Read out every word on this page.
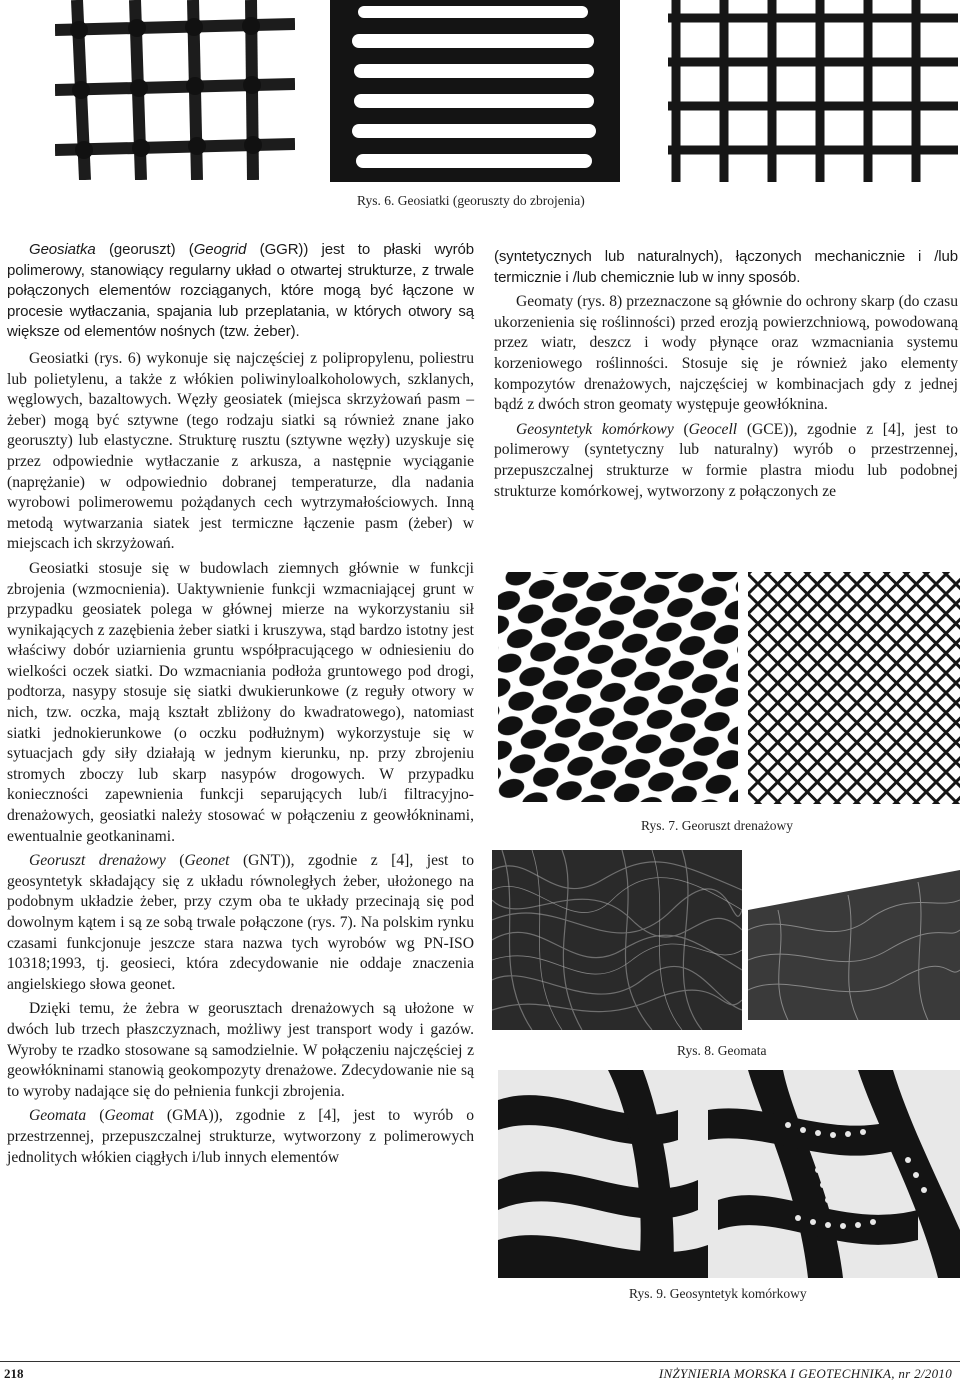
Rys. 6. Geosiatki (georuszty do zbrojenia)

Geosiatka (georuszt) (Geogrid (GGR)) jest to płaski wyrób polimerowy, stanowiący regularny układ o otwartej strukturze, z trwale połączonych elementów rozciąganych, które mogą być łączone w procesie wytłaczania, spajania lub przeplatania, w których otwory są większe od elementów nośnych (tzw. żeber).

Geosiatki (rys. 6) wykonuje się najczęściej z polipropylenu, poliestru lub polietylenu, a także z włókien poliwinyloalkoholowych, szklanych, węglowych, bazaltowych. Węzły geosiatek (miejsca skrzyżowań pasm – żeber) mogą być sztywne (tego rodzaju siatki są również znane jako georuszty) lub elastyczne. Strukturę rusztu (sztywne węzły) uzyskuje się przez odpowiednie wytłaczanie z arkusza, a następnie wyciąganie (naprężanie) w odpowiednio dobranej temperaturze, dla nadania wyrobowi polimerowemu pożądanych cech wytrzymałościowych. Inną metodą wytwarzania siatek jest termiczne łączenie pasm (żeber) w miejscach ich skrzyżowań.

Geosiatki stosuje się w budowlach ziemnych głównie w funkcji zbrojenia (wzmocnienia). Uaktywnienie funkcji wzmacniającej grunt w przypadku geosiatek polega w głównej mierze na wykorzystaniu sił wynikających z zazębienia żeber siatki i kruszywa, stąd bardzo istotny jest właściwy dobór uziarnienia gruntu współpracującego w odniesieniu do wielkości oczek siatki. Do wzmacniania podłoża gruntowego pod drogi, podtorza, nasypy stosuje się siatki dwukierunkowe (z reguły otwory w nich, tzw. oczka, mają kształt zbliżony do kwadratowego), natomiast siatki jednokierunkowe (o oczku podłużnym) wykorzystuje się w sytuacjach gdy siły działają w jednym kierunku, np. przy zbrojeniu stromych zboczy lub skarp nasypów drogowych. W przypadku konieczności zapewnienia funkcji separujących lub/i filtracyjno-drenażowych, geosiatki należy stosować w połączeniu z geowłókninami, ewentualnie geotkaninami.

Georuszt drenażowy (Geonet (GNT)), zgodnie z [4], jest to geosyntetyk składający się z układu równoległych żeber, ułożonego na podobnym układzie żeber, przy czym oba te układy przecinają się pod dowolnym kątem i są ze sobą trwale połączone (rys. 7). Na polskim rynku czasami funkcjonuje jeszcze stara nazwa tych wyrobów wg PN-ISO 10318;1993, tj. geosieci, która zdecydowanie nie oddaje znaczenia angielskiego słowa geonet.

Dzięki temu, że żebra w georusztach drenażowych są ułożone w dwóch lub trzech płaszczyznach, możliwy jest transport wody i gazów. Wyroby te rzadko stosowane są samodzielnie. W połączeniu najczęściej z geowłókninami stanowią geokompozyty drenażowe. Zdecydowanie nie są to wyroby nadające się do pełnienia funkcji zbrojenia.

Geomata (Geomat (GMA)), zgodnie z [4], jest to wyrób o przestrzennej, przepuszczalnej strukturze, wytworzony z polimerowych jednolitych włókien ciągłych i/lub innych elementów

(syntetycznych lub naturalnych), łączonych mechanicznie i /lub termicznie i /lub chemicznie lub w inny sposób.

Geomaty (rys. 8) przeznaczone są głównie do ochrony skarp (do czasu ukorzenienia się roślinności) przed erozją powierzchniową, powodowaną przez wiatr, deszcz i wody płynące oraz wzmacniania systemu korzeniowego roślinności. Stosuje się je również jako elementy kompozytów drenażowych, najczęściej w kombinacjach gdy z jednej bądź z dwóch stron geomaty występuje geowłóknina.

Geosyntetyk komórkowy (Geocell (GCE)), zgodnie z [4], jest to polimerowy (syntetyczny lub naturalny) wyrób o przestrzennej, przepuszczalnej strukturze w formie plastra miodu lub podobnej strukturze komórkowej, wytworzony z połączonych ze

Rys. 7. Georuszt drenażowy
Rys. 8. Geomata
Rys. 9. Geosyntetyk komórkowy
218	INŻYNIERIA MORSKA I GEOTECHNIKA, nr 2/2010
